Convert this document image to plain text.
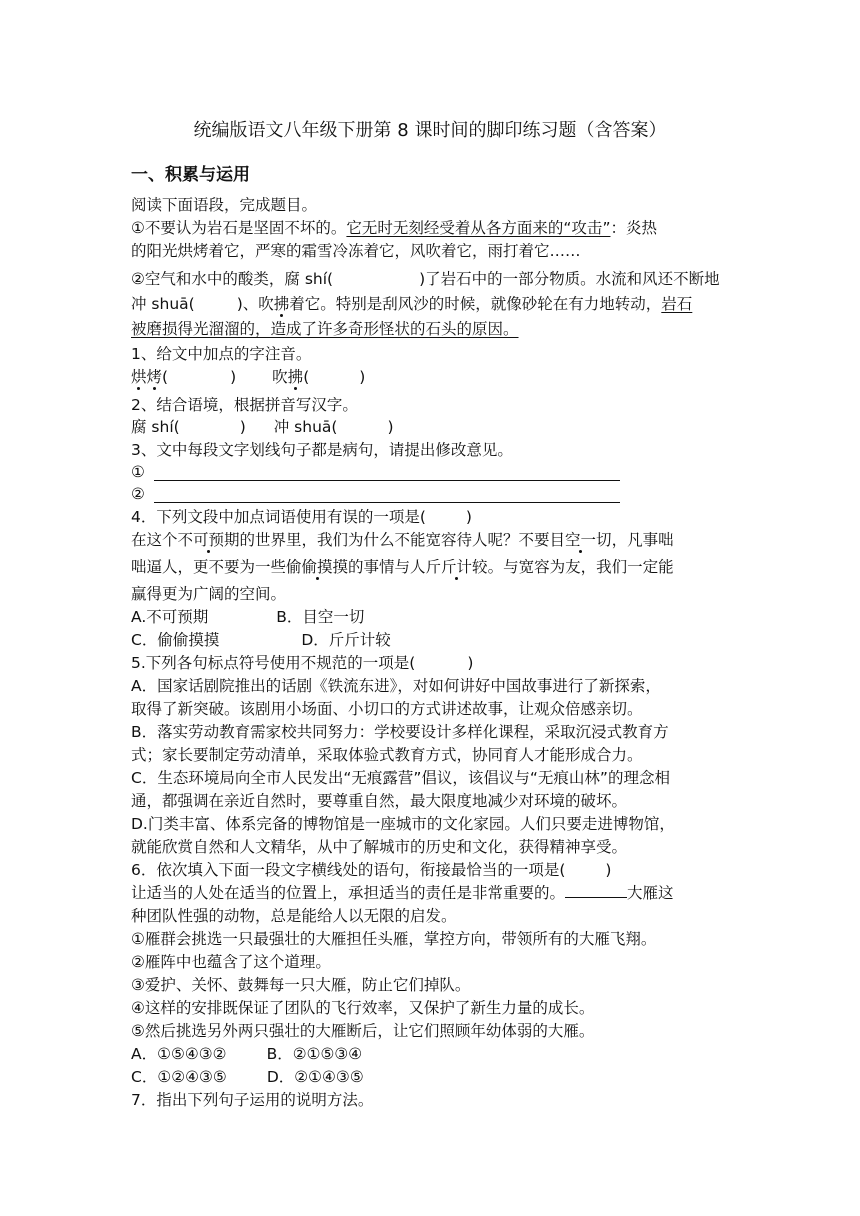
统编版语文八年级下册第 8 课时间的脚印练习题（含答案）
一、积累与运用
阅读下面语段，完成题目。
①不要认为岩石是坚固不坏的。它无时无刻经受着从各方面来的“攻击”：炎热
的阳光烘烤着它，严寒的霜雪冷冻着它，风吹着它，雨打着它……
②空气和水中的酸类，腐 shí(	)了岩石中的一部分物质。水流和风还不断地
冲 shuā(	)、吹拂着它。特别是刮风沙的时候，就像砂轮在有力地转动，岩石
被磨损得光溜溜的，造成了许多奇形怪状的石头的原因。
1、给文中加点的字注音。
烘烤(	) 吹拂(	)
2、结合语境，根据拼音写汉字。
腐 shí(	) 冲 shuā(	)
3、文中每段文字划线句子都是病句，请提出修改意见。
①
②
4．下列文段中加点词语使用有误的一项是(	)
在这个不可预期的世界里，我们为什么不能宽容待人呢？不要目空一切，凡事咄
咄逼人，更不要为一些偷偷摸摸的事情与人斤斤计较。与宽容为友，我们一定能
赢得更为广阔的空间。
A.不可预期	B．目空一切
C．偷偷摸摸	D．斤斤计较
5.下列各句标点符号使用不规范的一项是(	)
A．国家话剧院推出的话剧《铁流东进》，对如何讲好中国故事进行了新探索，
取得了新突破。该剧用小场面、小切口的方式讲述故事，让观众倍感亲切。
B．落实劳动教育需家校共同努力：学校要设计多样化课程，采取沉浸式教育方
式；家长要制定劳动清单，采取体验式教育方式，协同育人才能形成合力。
C．生态环境局向全市人民发出“无痕露营”倡议，该倡议与“无痕山林”的理念相
通，都强调在亲近自然时，要尊重自然，最大限度地减少对环境的破坏。
D.门类丰富、体系完备的博物馆是一座城市的文化家园。人们只要走进博物馆，
就能欣赏自然和人文精华，从中了解城市的历史和文化，获得精神享受。
6．依次填入下面一段文字横线处的语句，衔接最恰当的一项是(	)
让适当的人处在适当的位置上，承担适当的责任是非常重要的。	大雁这
种团队性强的动物，总是能给人以无限的启发。
①雁群会挑选一只最强壮的大雁担任头雁，掌控方向，带领所有的大雁飞翔。
②雁阵中也蕴含了这个道理。
③爱护、关怀、鼓舞每一只大雁，防止它们掉队。
④这样的安排既保证了团队的飞行效率，又保护了新生力量的成长。
⑤然后挑选另外两只强壮的大雁断后，让它们照顾年幼体弱的大雁。
A．①⑤④③②	B．②①⑤③④
C．①②④③⑤	D．②①④③⑤
7．指出下列句子运用的说明方法。
